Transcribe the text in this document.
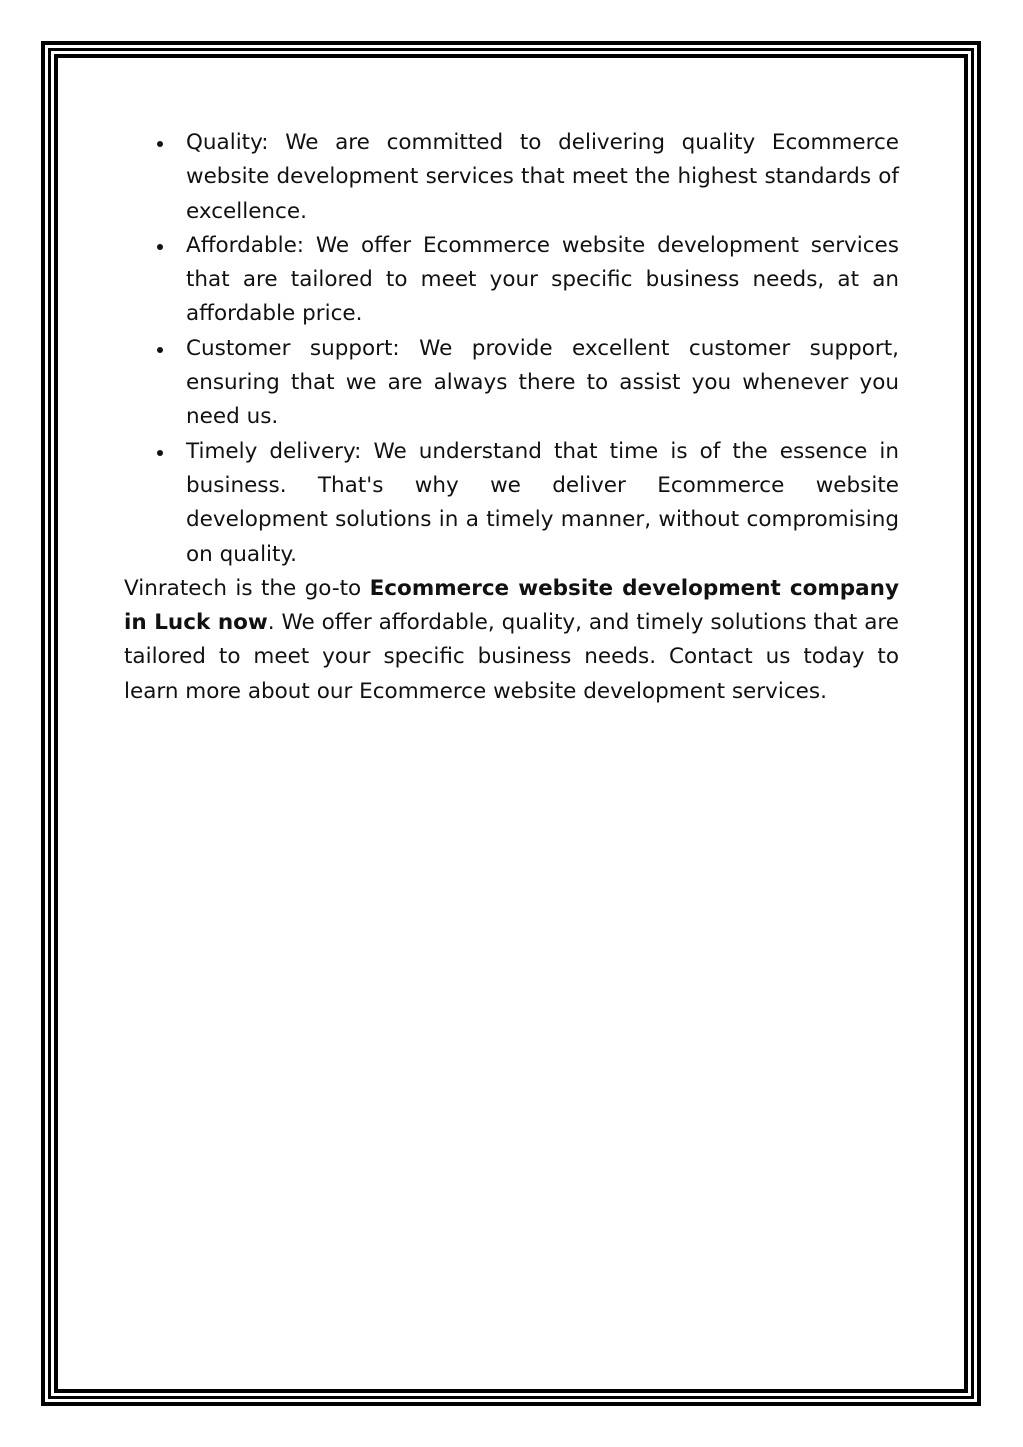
Quality: We are committed to delivering quality Ecommerce website development services that meet the highest standards of excellence.
Affordable: We offer Ecommerce website development services that are tailored to meet your specific business needs, at an affordable price.
Customer support: We provide excellent customer support, ensuring that we are always there to assist you whenever you need us.
Timely delivery: We understand that time is of the essence in business. That's why we deliver Ecommerce website development solutions in a timely manner, without compromising on quality.

Vinratech is the go-to Ecommerce website development company in Luck now. We offer affordable, quality, and timely solutions that are tailored to meet your specific business needs. Contact us today to learn more about our Ecommerce website development services.
